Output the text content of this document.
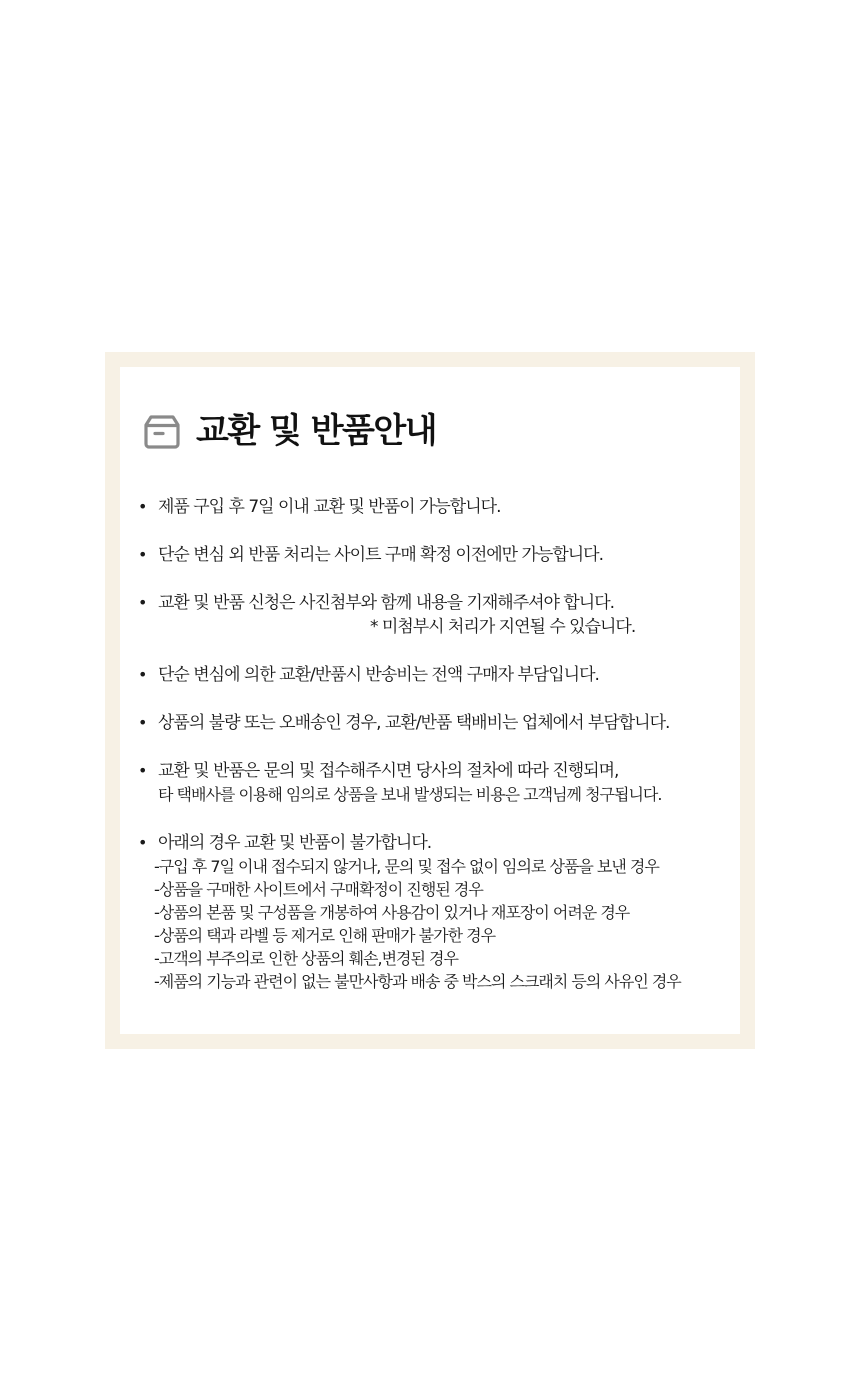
교환 및 반품안내
• 제품 구입 후 7일 이내 교환 및 반품이 가능합니다.
• 단순 변심 외 반품 처리는 사이트 구매 확정 이전에만 가능합니다.
• 교환 및 반품 신청은 사진첨부와 함께 내용을 기재해주셔야 합니다.
* 미첨부시 처리가 지연될 수 있습니다.
• 단순 변심에 의한 교환/반품시 반송비는 전액 구매자 부담입니다.
• 상품의 불량 또는 오배송인 경우, 교환/반품 택배비는 업체에서 부담합니다.
• 교환 및 반품은 문의 및 접수해주시면 당사의 절차에 따라 진행되며,
타 택배사를 이용해 임의로 상품을 보내 발생되는 비용은 고객님께 청구됩니다.
• 아래의 경우 교환 및 반품이 불가합니다.
-구입 후 7일 이내 접수되지 않거나, 문의 및 접수 없이 임의로 상품을 보낸 경우
-상품을 구매한 사이트에서 구매확정이 진행된 경우
-상품의 본품 및 구성품을 개봉하여 사용감이 있거나 재포장이 어려운 경우
-상품의 택과 라벨 등 제거로 인해 판매가 불가한 경우
-고객의 부주의로 인한 상품의 훼손,변경된 경우
-제품의 기능과 관련이 없는 불만사항과 배송 중 박스의 스크래치 등의 사유인 경우
